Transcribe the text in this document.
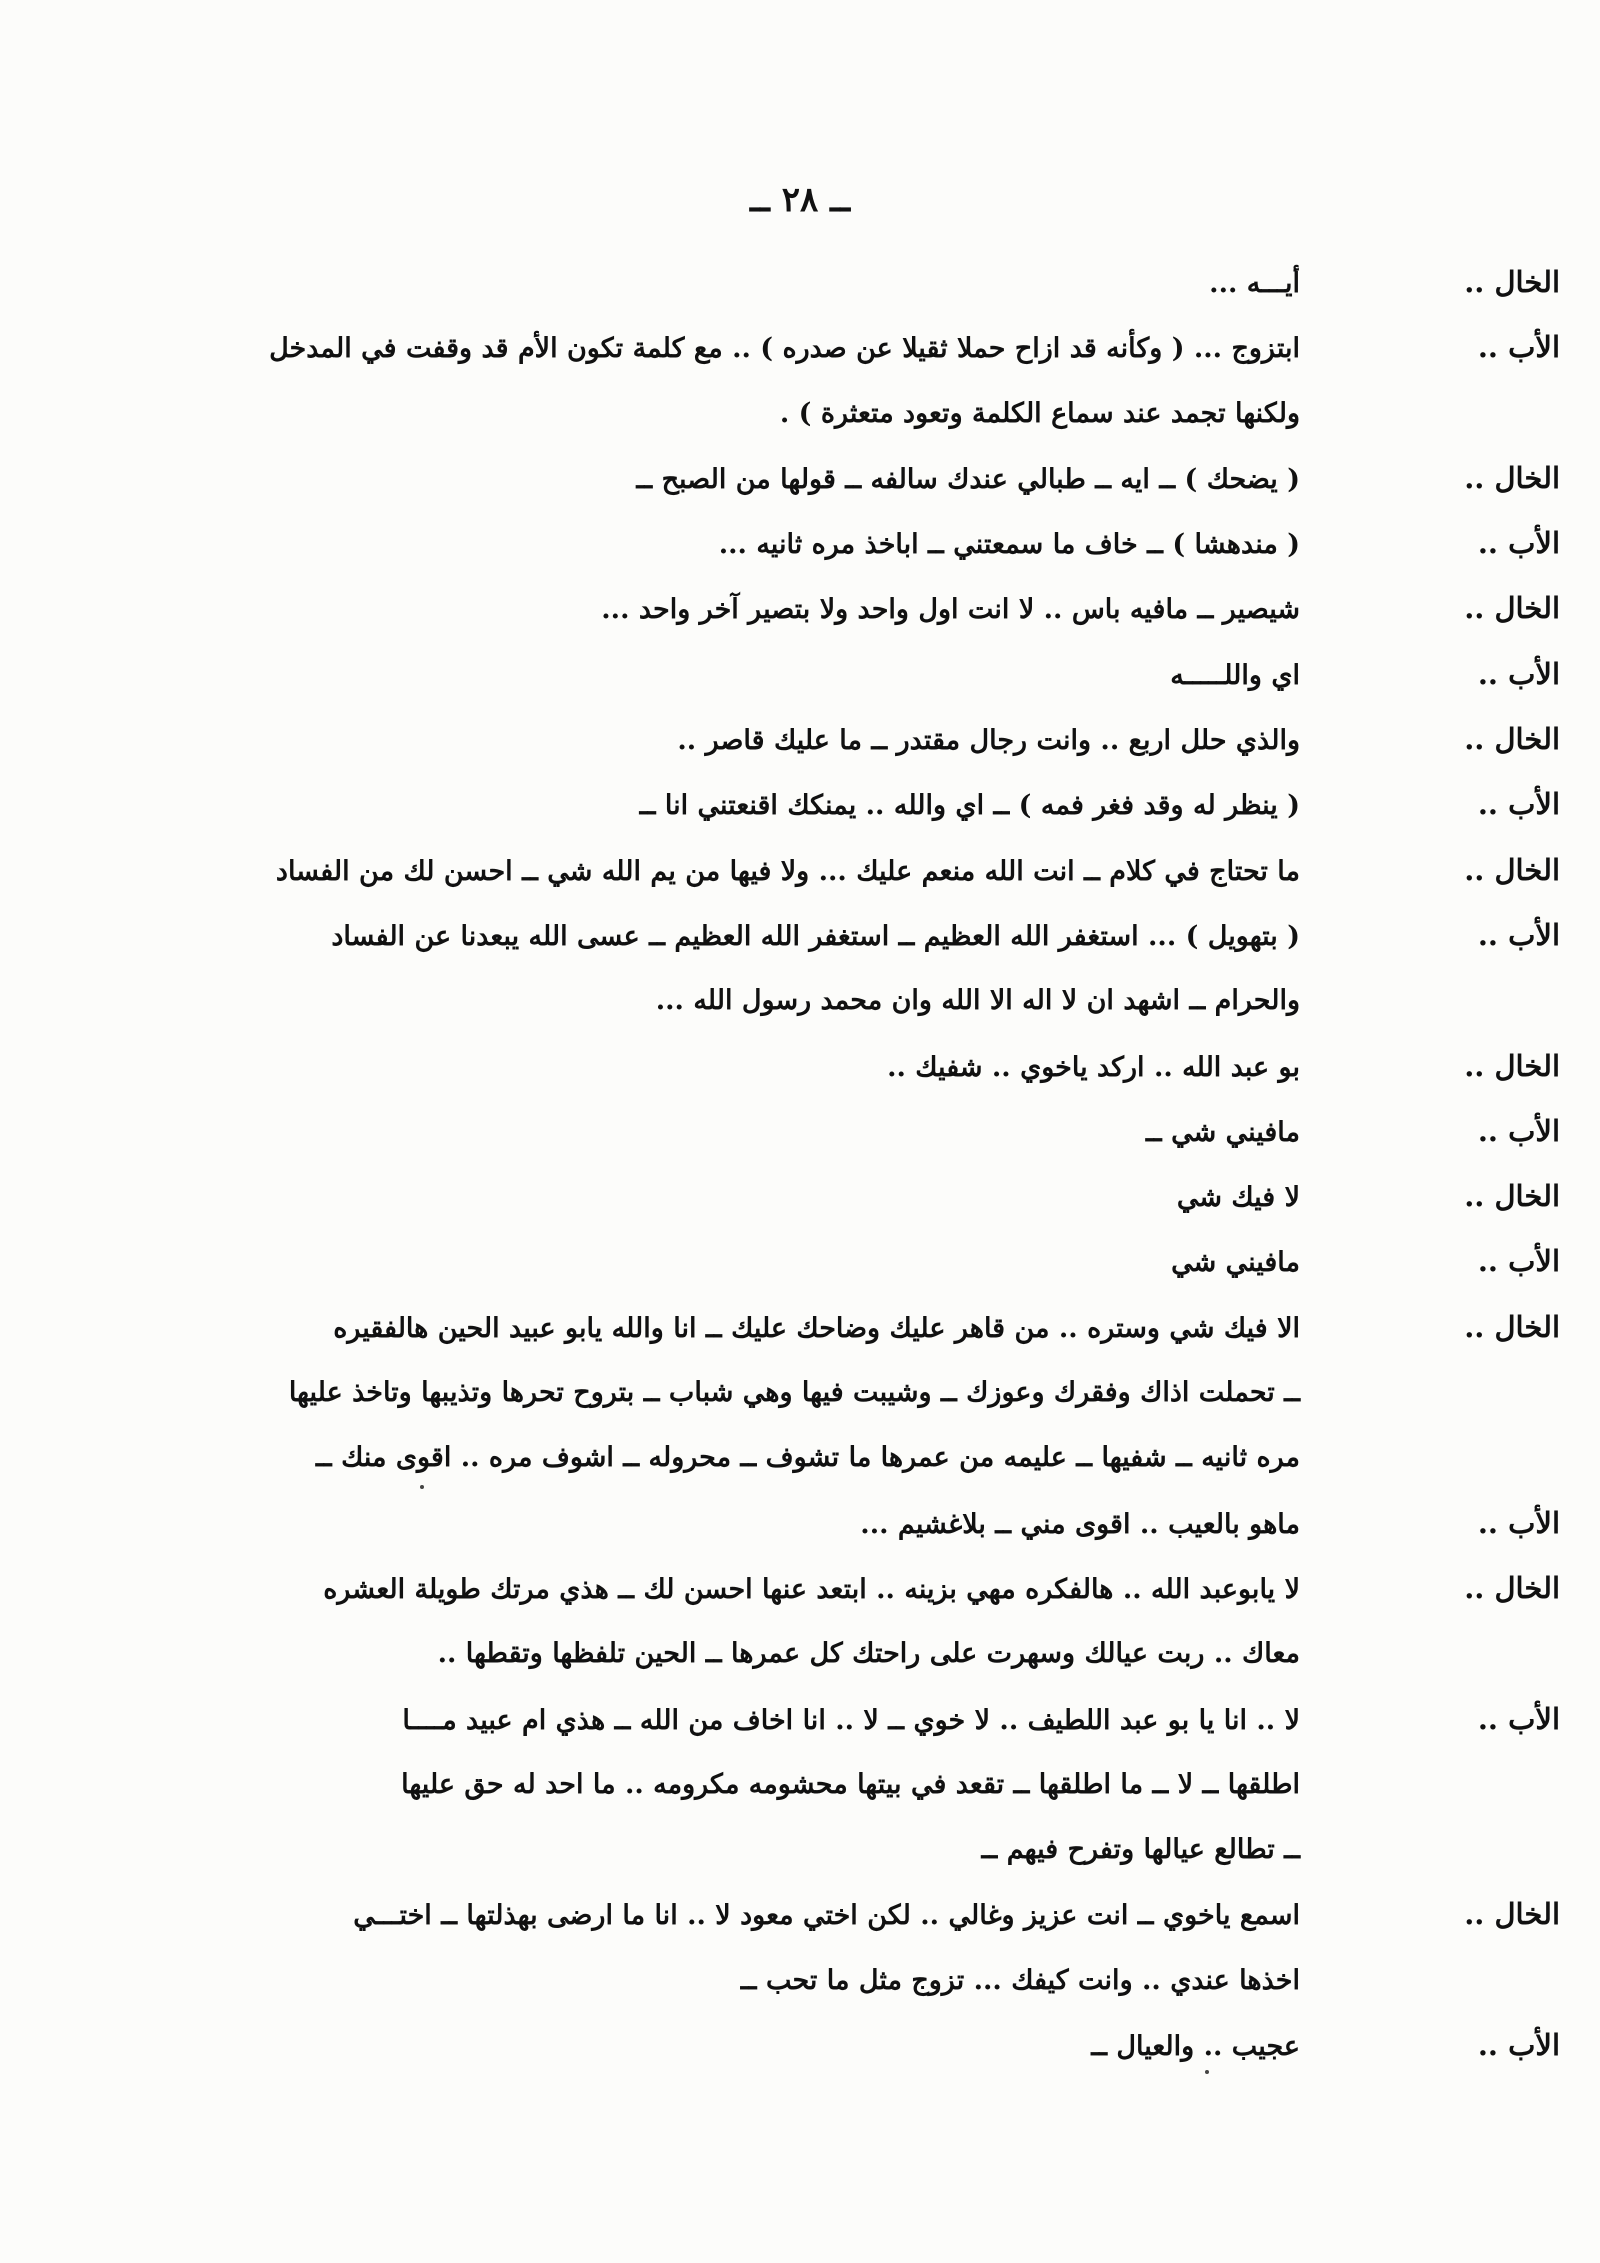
ــ ٢٨ ــ
الخال ..
أيـــه ...
الأب ..
ابتزوج ... ( وكأنه قد ازاح حملا ثقيلا عن صدره ) .. مع كلمة تكون الأم قد وقفت في المدخل
ولكنها تجمد عند سماع الكلمة وتعود متعثرة ) .
الخال ..
( يضحك ) ــ ايه ــ طبالي عندك سالفه ــ قولها من الصبح ــ
الأب ..
( مندهشا ) ــ خاف ما سمعتني ــ اباخذ مره ثانيه ...
الخال ..
شيصير ــ مافيه باس .. لا انت اول واحد ولا بتصير آخر واحد ...
الأب ..
اي واللـــــه
الخال ..
والذي حلل اربع .. وانت رجال مقتدر ــ ما عليك قاصر ..
الأب ..
( ينظر له وقد فغر فمه ) ــ اي والله .. يمنكك اقنعتني انا ــ
الخال ..
ما تحتاج في كلام ــ انت الله منعم عليك ... ولا فيها من يم الله شي ــ احسن لك من الفساد
الأب ..
( بتهويل ) ... استغفر الله العظيم ــ استغفر الله العظيم ــ عسى الله يبعدنا عن الفساد
والحرام ــ اشهد ان لا اله الا الله وان محمد رسول الله ...
الخال ..
بو عبد الله .. اركد ياخوي .. شفيك ..
الأب ..
مافيني شي ــ
الخال ..
لا فيك شي
الأب ..
مافيني شي
الخال ..
الا فيك شي وستره .. من قاهر عليك وضاحك عليك ــ انا والله يابو عبيد الحين هالفقيره
ــ تحملت اذاك وفقرك وعوزك ــ وشيبت فيها وهي شباب ــ بتروح تحرها وتذيبها وتاخذ عليها
مره ثانيه ــ شفيها ــ عليمه من عمرها ما تشوف ــ محروله ــ اشوف مره .. اقوى منك ــ
الأب ..
ماهو بالعيب .. اقوى مني ــ بلاغشيم ...
الخال ..
لا يابوعبد الله .. هالفكره مهي بزينه .. ابتعد عنها احسن لك ــ هذي مرتك طويلة العشره
معاك .. ربت عيالك وسهرت على راحتك كل عمرها ــ الحين تلفظها وتقطها ..
الأب ..
لا .. انا يا بو عبد اللطيف .. لا خوي ــ لا .. انا اخاف من الله ــ هذي ام عبيد مــــا
اطلقها ــ لا ــ ما اطلقها ــ تقعد في بيتها محشومه مكرومه .. ما احد له حق عليها
ــ تطالع عيالها وتفرح فيهم ــ
الخال ..
اسمع ياخوي ــ انت عزيز وغالي .. لكن اختي معود لا .. انا ما ارضى بهذلتها ــ اختـــي
اخذها عندي .. وانت كيفك ... تزوج مثل ما تحب ــ
الأب ..
عجيب .. والعيال ــ
